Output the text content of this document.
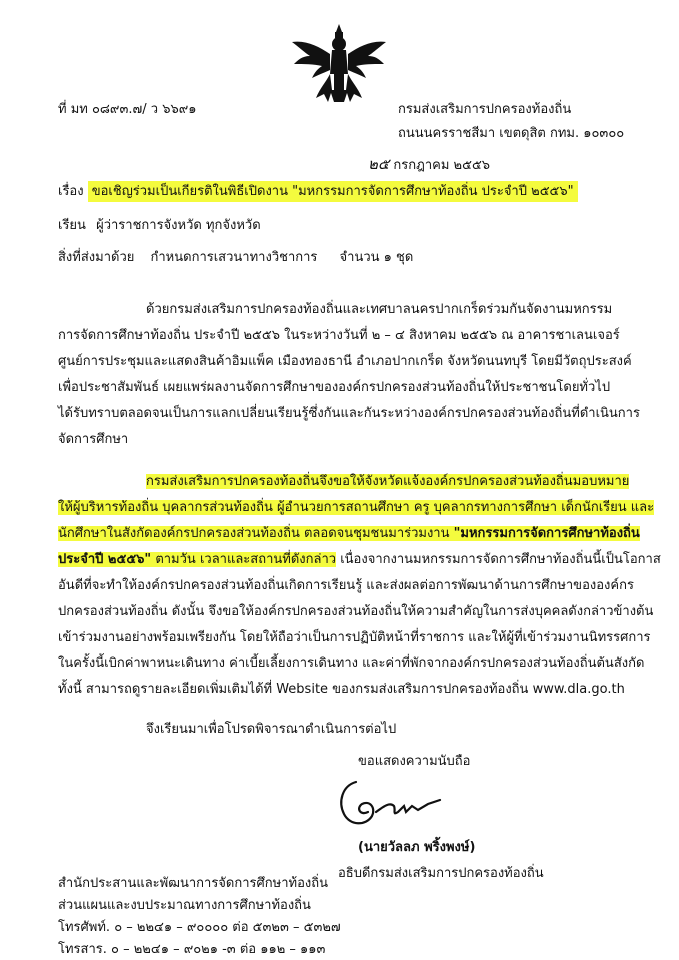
ที่ มท ๐๘๙๓.๗/ ว ๖๖๙๑	กรมส่งเสริมการปกครองท้องถิ่น
ถนนนครราชสีมา เขตดุสิต กทม. ๑๐๓๐๐
๒๕ กรกฎาคม ๒๕๕๖
เรื่อง ขอเชิญร่วมเป็นเกียรติในพิธีเปิดงาน "มหกรรมการจัดการศึกษาท้องถิ่น ประจำปี ๒๕๕๖"
เรียน ผู้ว่าราชการจังหวัด ทุกจังหวัด
สิ่งที่ส่งมาด้วย กำหนดการเสวนาทางวิชาการ จำนวน ๑ ชุด
ด้วยกรมส่งเสริมการปกครองท้องถิ่นและเทศบาลนครปากเกร็ดร่วมกันจัดงานมหกรรม
การจัดการศึกษาท้องถิ่น ประจำปี ๒๕๕๖ ในระหว่างวันที่ ๒ – ๔ สิงหาคม ๒๕๕๖ ณ อาคารชาเลนเจอร์
ศูนย์การประชุมและแสดงสินค้าอิมแพ็ค เมืองทองธานี อำเภอปากเกร็ด จังหวัดนนทบุรี โดยมีวัตถุประสงค์
เพื่อประชาสัมพันธ์ เผยแพร่ผลงานจัดการศึกษาขององค์กรปกครองส่วนท้องถิ่นให้ประชาชนโดยทั่วไป
ได้รับทราบตลอดจนเป็นการแลกเปลี่ยนเรียนรู้ซึ่งกันและกันระหว่างองค์กรปกครองส่วนท้องถิ่นที่ดำเนินการ
จัดการศึกษา
กรมส่งเสริมการปกครองท้องถิ่นจึงขอให้จังหวัดแจ้งองค์กรปกครองส่วนท้องถิ่นมอบหมาย
ให้ผู้บริหารท้องถิ่น บุคลากรส่วนท้องถิ่น ผู้อำนวยการสถานศึกษา ครู บุคลากรทางการศึกษา เด็กนักเรียน และ
นักศึกษาในสังกัดองค์กรปกครองส่วนท้องถิ่น ตลอดจนชุมชนมาร่วมงาน "มหกรรมการจัดการศึกษาท้องถิ่น
ประจำปี ๒๕๕๖" ตามวัน เวลาและสถานที่ดังกล่าว เนื่องจากงานมหกรรมการจัดการศึกษาท้องถิ่นนี้เป็นโอกาส
อันดีที่จะทำให้องค์กรปกครองส่วนท้องถิ่นเกิดการเรียนรู้ และส่งผลต่อการพัฒนาด้านการศึกษาขององค์กร
ปกครองส่วนท้องถิ่น ดังนั้น จึงขอให้องค์กรปกครองส่วนท้องถิ่นให้ความสำคัญในการส่งบุคคลดังกล่าวข้างต้น
เข้าร่วมงานอย่างพร้อมเพรียงกัน โดยให้ถือว่าเป็นการปฏิบัติหน้าที่ราชการ และให้ผู้ที่เข้าร่วมงานนิทรรศการ
ในครั้งนี้เบิกค่าพาหนะเดินทาง ค่าเบี้ยเลี้ยงการเดินทาง และค่าที่พักจากองค์กรปกครองส่วนท้องถิ่นต้นสังกัด
ทั้งนี้ สามารถดูรายละเอียดเพิ่มเติมได้ที่ Website ของกรมส่งเสริมการปกครองท้องถิ่น www.dla.go.th
จึงเรียนมาเพื่อโปรดพิจารณาดำเนินการต่อไป
ขอแสดงความนับถือ
(นายวัลลภ พริ้งพงษ์)
อธิบดีกรมส่งเสริมการปกครองท้องถิ่น
สำนักประสานและพัฒนาการจัดการศึกษาท้องถิ่น
ส่วนแผนและงบประมาณทางการศึกษาท้องถิ่น
โทรศัพท์. ๐ – ๒๒๔๑ – ๙๐๐๐๐ ต่อ ๕๓๒๓ – ๕๓๒๗
โทรสาร. ๐ – ๒๒๔๑ – ๙๐๒๑ -๓ ต่อ ๑๑๒ – ๑๑๓
